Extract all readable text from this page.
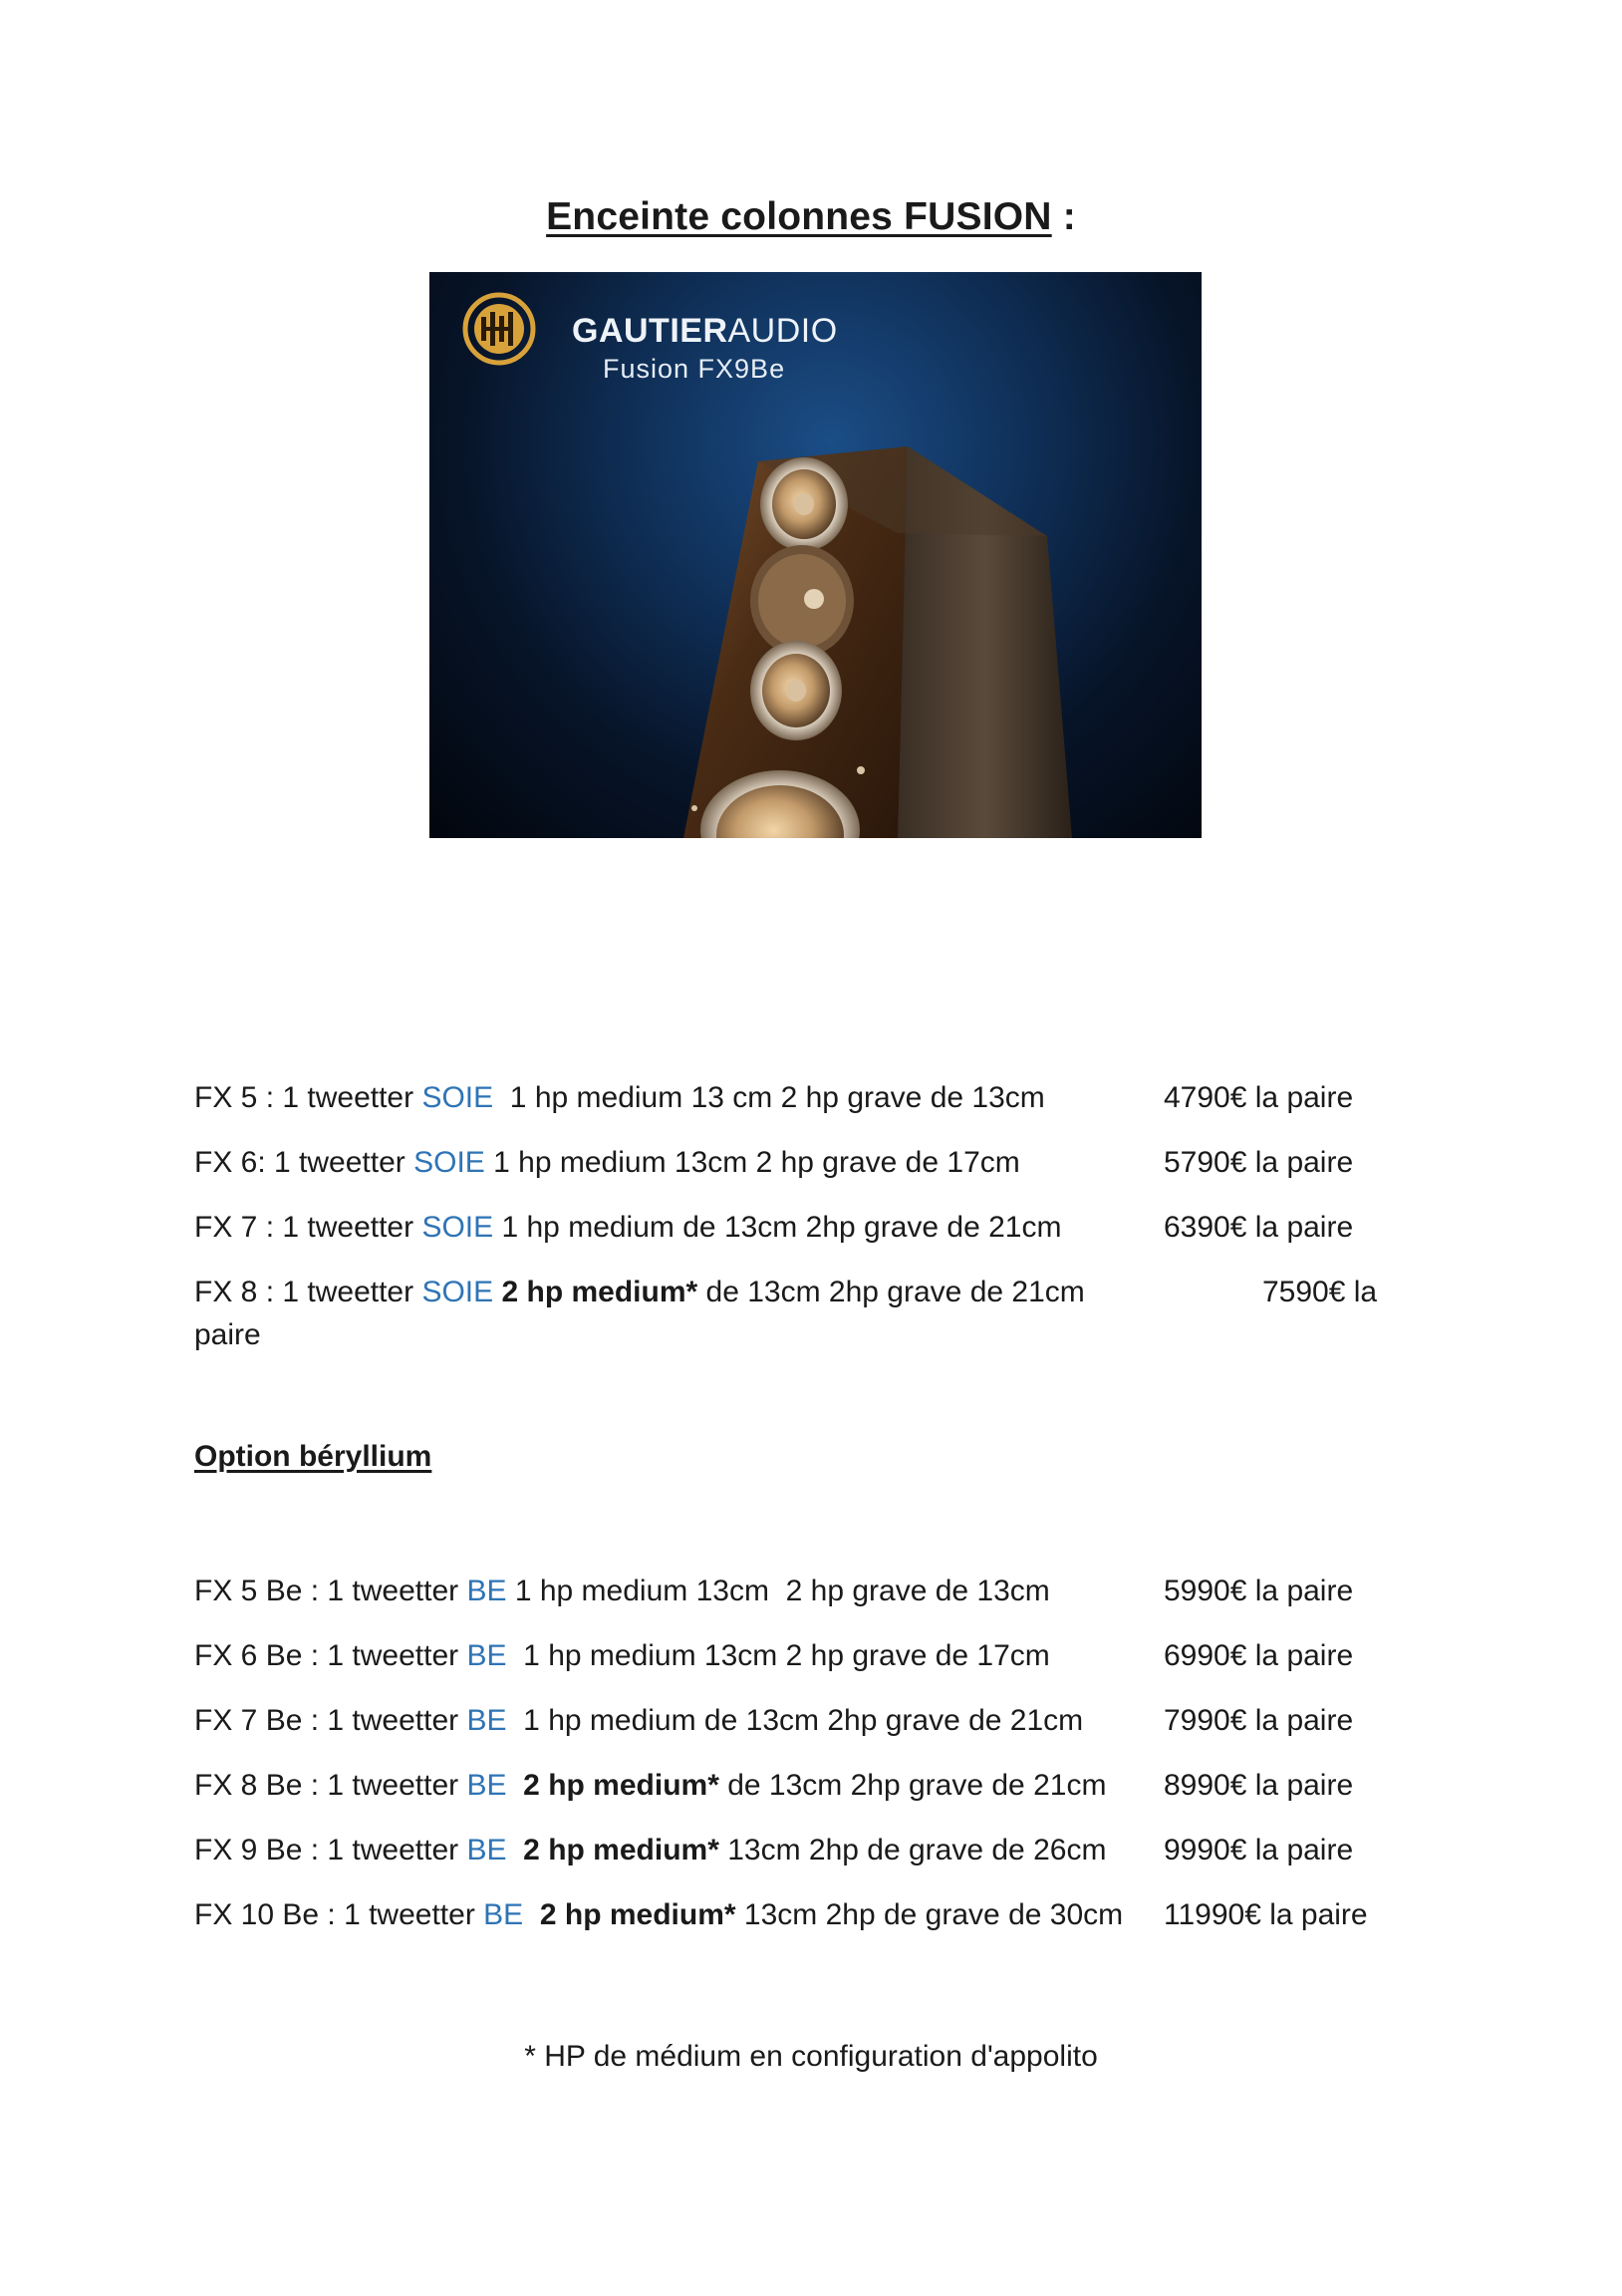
Enceinte colonnes FUSION :
GAUTIERAUDIO
Fusion FX9Be
FX 5 : 1 tweetter SOIE  1 hp medium 13 cm 2 hp grave de 13cm	4790€ la paire
FX 6: 1 tweetter SOIE 1 hp medium 13cm 2 hp grave de 17cm	5790€ la paire
FX 7 : 1 tweetter SOIE 1 hp medium de 13cm 2hp grave de 21cm	6390€ la paire
FX 8 : 1 tweetter SOIE 2 hp medium* de 13cm 2hp grave de 21cm	7590€ la
paire
Option béryllium
FX 5 Be : 1 tweetter BE 1 hp medium 13cm  2 hp grave de 13cm	5990€ la paire
FX 6 Be : 1 tweetter BE  1 hp medium 13cm 2 hp grave de 17cm	6990€ la paire
FX 7 Be : 1 tweetter BE  1 hp medium de 13cm 2hp grave de 21cm	7990€ la paire
FX 8 Be : 1 tweetter BE  2 hp medium* de 13cm 2hp grave de 21cm 8990€ la paire
FX 9 Be : 1 tweetter BE  2 hp medium* 13cm 2hp de grave de 26cm 9990€ la paire
FX 10 Be : 1 tweetter BE  2 hp medium* 13cm 2hp de grave de 30cm 11990€ la paire
* HP de médium en configuration d'appolito
